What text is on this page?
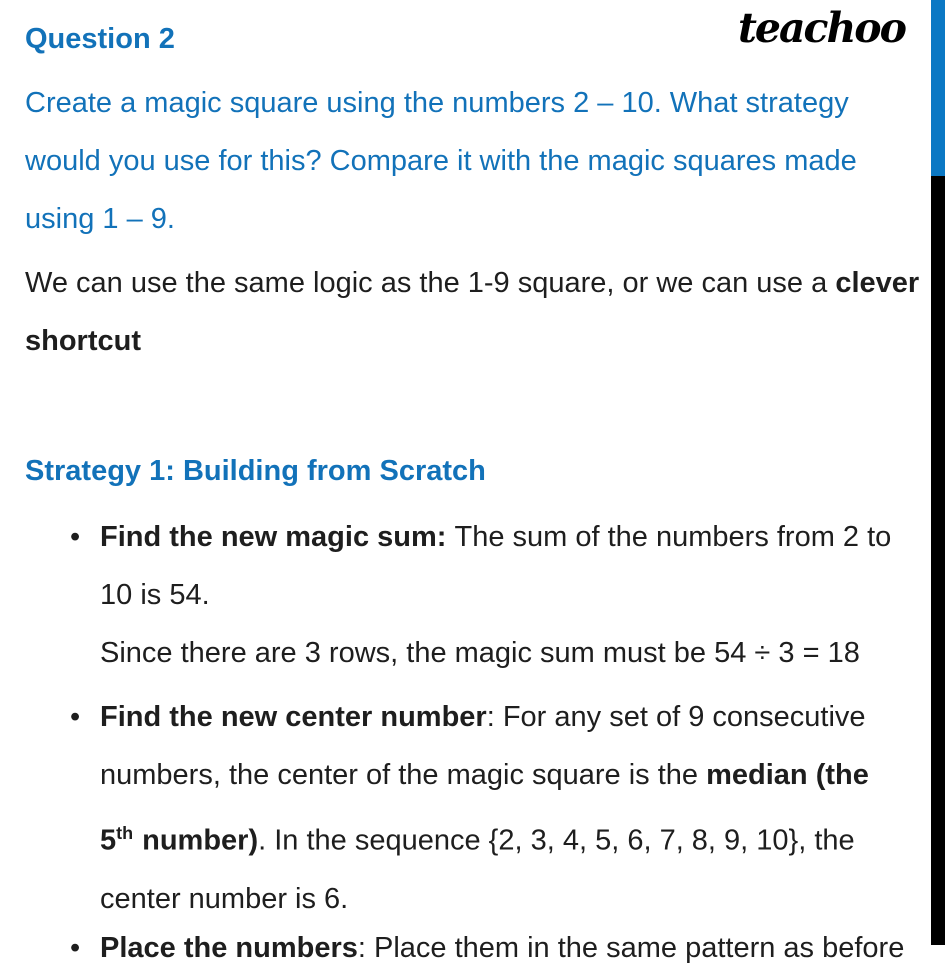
teachoo
Question 2
Create a magic square using the numbers 2 – 10. What strategy
would you use for this? Compare it with the magic squares made
using 1 – 9.
We can use the same logic as the 1-9 square, or we can use a clever
shortcut
Strategy 1: Building from Scratch
• Find the new magic sum: The sum of the numbers from 2 to
10 is 54.
Since there are 3 rows, the magic sum must be 54 ÷ 3 = 18
• Find the new center number: For any set of 9 consecutive
numbers, the center of the magic square is the median (the
5th number). In the sequence {2, 3, 4, 5, 6, 7, 8, 9, 10}, the
center number is 6.
• Place the numbers: Place them in the same pattern as before
